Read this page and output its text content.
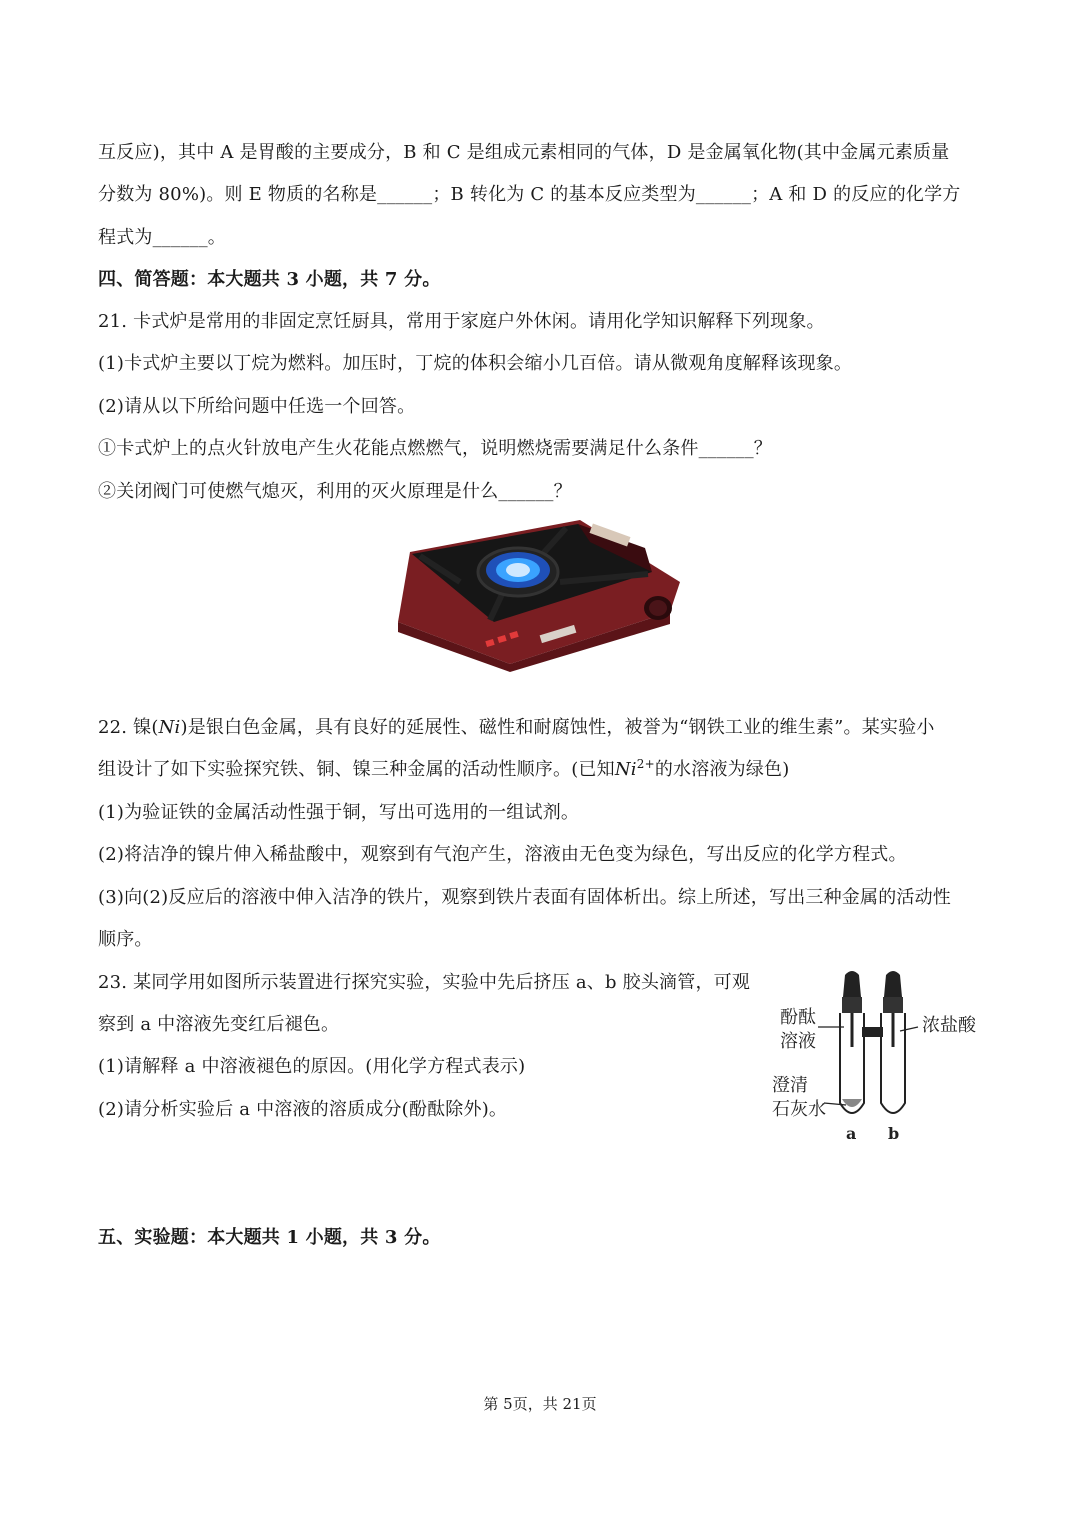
互反应)，其中 A 是胃酸的主要成分，B 和 C 是组成元素相同的气体，D 是金属氧化物(其中金属元素质量
分数为 80%)。则 E 物质的名称是______；B 转化为 C 的基本反应类型为______；A 和 D 的反应的化学方
程式为______。
四、简答题：本大题共 3 小题，共 7 分。
21. 卡式炉是常用的非固定烹饪厨具，常用于家庭户外休闲。请用化学知识解释下列现象。
(1)卡式炉主要以丁烷为燃料。加压时，丁烷的体积会缩小几百倍。请从微观角度解释该现象。
(2)请从以下所给问题中任选一个回答。
①卡式炉上的点火针放电产生火花能点燃燃气，说明燃烧需要满足什么条件______？
②关闭阀门可使燃气熄灭，利用的灭火原理是什么______？
22. 镍(Ni)是银白色金属，具有良好的延展性、磁性和耐腐蚀性，被誉为“钢铁工业的维生素”。某实验小
组设计了如下实验探究铁、铜、镍三种金属的活动性顺序。(已知$Ni^{2+}$的水溶液为绿色)
(1)为验证铁的金属活动性强于铜，写出可选用的一组试剂。
(2)将洁净的镍片伸入稀盐酸中，观察到有气泡产生，溶液由无色变为绿色，写出反应的化学方程式。
(3)向(2)反应后的溶液中伸入洁净的铁片，观察到铁片表面有固体析出。综上所述，写出三种金属的活动性
顺序。
23. 某同学用如图所示装置进行探究实验，实验中先后挤压 a、b 胶头滴管，可观
察到 a 中溶液先变红后褪色。
(1)请解释 a 中溶液褪色的原因。(用化学方程式表示)
(2)请分析实验后 a 中溶液的溶质成分(酚酞除外)。
酚酞
溶液
浓盐酸
澄清
石灰水
a b
五、实验题：本大题共 1 小题，共 3 分。
第 5页，共 21页
